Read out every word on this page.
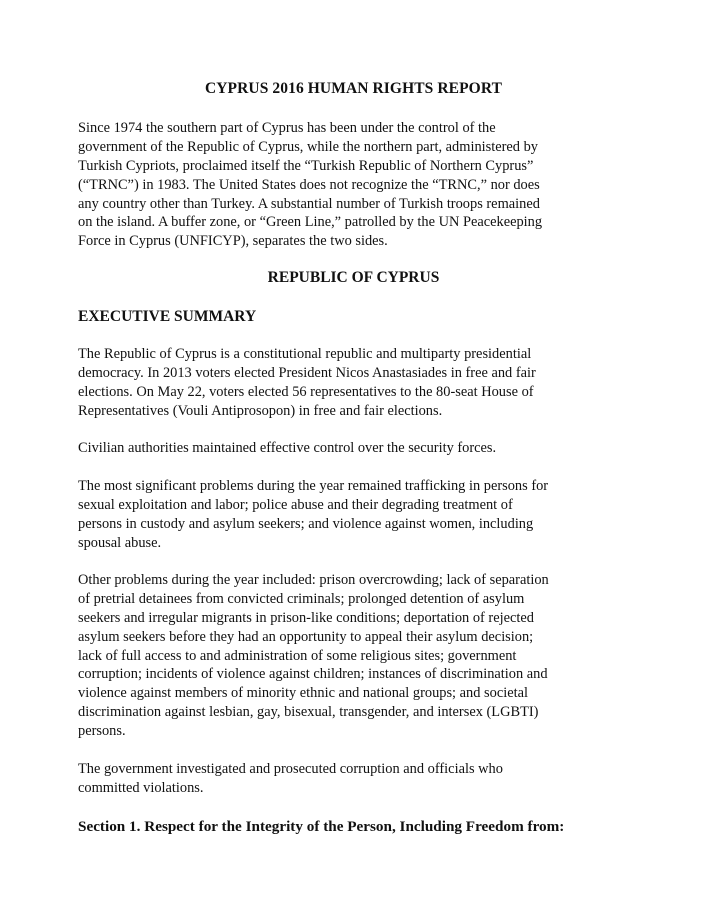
CYPRUS 2016 HUMAN RIGHTS REPORT

Since 1974 the southern part of Cyprus has been under the control of the
government of the Republic of Cyprus, while the northern part, administered by
Turkish Cypriots, proclaimed itself the “Turkish Republic of Northern Cyprus”
(“TRNC”) in 1983. The United States does not recognize the “TRNC,” nor does
any country other than Turkey. A substantial number of Turkish troops remained
on the island. A buffer zone, or “Green Line,” patrolled by the UN Peacekeeping
Force in Cyprus (UNFICYP), separates the two sides.

REPUBLIC OF CYPRUS
EXECUTIVE SUMMARY

The Republic of Cyprus is a constitutional republic and multiparty presidential
democracy. In 2013 voters elected President Nicos Anastasiades in free and fair
elections. On May 22, voters elected 56 representatives to the 80-seat House of
Representatives (Vouli Antiprosopon) in free and fair elections.

Civilian authorities maintained effective control over the security forces.

The most significant problems during the year remained trafficking in persons for
sexual exploitation and labor; police abuse and their degrading treatment of
persons in custody and asylum seekers; and violence against women, including
spousal abuse.

Other problems during the year included: prison overcrowding; lack of separation
of pretrial detainees from convicted criminals; prolonged detention of asylum
seekers and irregular migrants in prison-like conditions; deportation of rejected
asylum seekers before they had an opportunity to appeal their asylum decision;
lack of full access to and administration of some religious sites; government
corruption; incidents of violence against children; instances of discrimination and
violence against members of minority ethnic and national groups; and societal
discrimination against lesbian, gay, bisexual, transgender, and intersex (LGBTI)
persons.

The government investigated and prosecuted corruption and officials who
committed violations.

Section 1. Respect for the Integrity of the Person, Including Freedom from:
